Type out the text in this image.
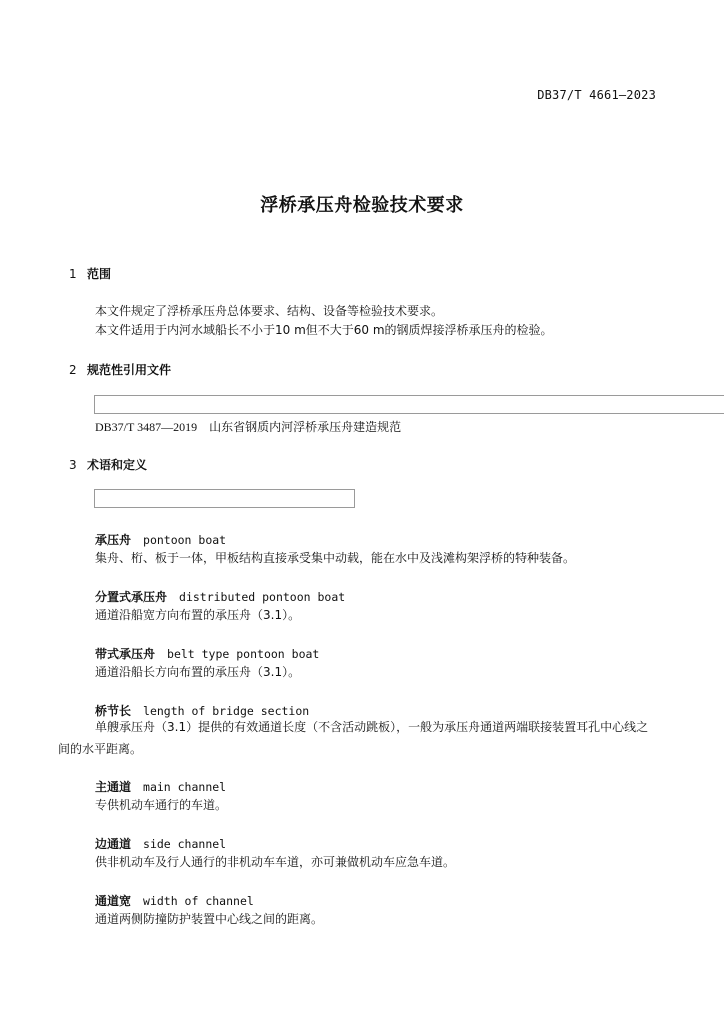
DB37/T 4661—2023
浮桥承压舟检验技术要求
1 范围
本文件规定了浮桥承压舟总体要求、结构、设备等检验技术要求。
本文件适用于内河水域船长不小于10 m但不大于60 m的钢质焊接浮桥承压舟的检验。
2 规范性引用文件
DB37/T 3487—2019 山东省钢质内河浮桥承压舟建造规范
3 术语和定义
承压舟 pontoon boat
集舟、桁、板于一体，甲板结构直接承受集中动载，能在水中及浅滩构架浮桥的特种装备。
分置式承压舟 distributed pontoon boat
通道沿船宽方向布置的承压舟（3.1）。
带式承压舟 belt type pontoon boat
通道沿船长方向布置的承压舟（3.1）。
桥节长 length of bridge section
单艘承压舟（3.1）提供的有效通道长度（不含活动跳板），一般为承压舟通道两端联接装置耳孔中心线之间的水平距离。
主通道 main channel
专供机动车通行的车道。
边通道 side channel
供非机动车及行人通行的非机动车车道，亦可兼做机动车应急车道。
通道宽 width of channel
通道两侧防撞防护装置中心线之间的距离。
